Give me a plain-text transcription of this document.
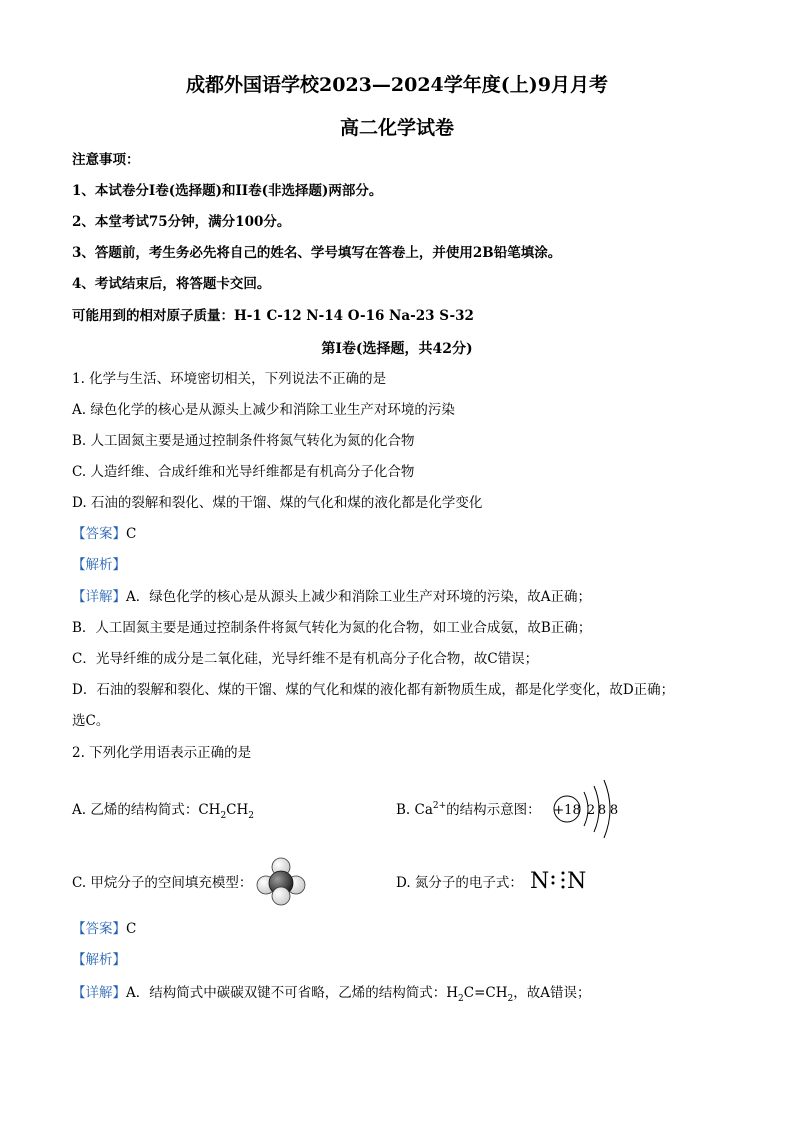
成都外国语学校2023—2024学年度(上)9月月考
高二化学试卷
注意事项：
1、本试卷分I卷(选择题)和II卷(非选择题)两部分。
2、本堂考试75分钟，满分100分。
3、答题前，考生务必先将自己的姓名、学号填写在答卷上，并使用2B铅笔填涂。
4、考试结束后，将答题卡交回。
可能用到的相对原子质量：H-1 C-12 N-14 O-16 Na-23 S-32
第I卷(选择题，共42分)
1. 化学与生活、环境密切相关，下列说法不正确的是
A. 绿色化学的核心是从源头上减少和消除工业生产对环境的污染
B. 人工固氮主要是通过控制条件将氮气转化为氮的化合物
C. 人造纤维、合成纤维和光导纤维都是有机高分子化合物
D. 石油的裂解和裂化、煤的干馏、煤的气化和煤的液化都是化学变化
【答案】C
【解析】
【详解】A．绿色化学的核心是从源头上减少和消除工业生产对环境的污染，故A正确；
B．人工固氮主要是通过控制条件将氮气转化为氮的化合物，如工业合成氨，故B正确；
C．光导纤维的成分是二氧化硅，光导纤维不是有机高分子化合物，故C错误；
D．石油的裂解和裂化、煤的干馏、煤的气化和煤的液化都有新物质生成，都是化学变化，故D正确；
选C。
2. 下列化学用语表示正确的是
A. 乙烯的结构简式：$CH_2CH_2$	B. $Ca^{2+}$的结构示意图： +18 2 8 8
C. 甲烷分子的空间填充模型：	D. 氮分子的电子式： N N
【答案】C
【解析】
【详解】A．结构简式中碳碳双键不可省略，乙烯的结构简式：$H_2C=CH_2$，故A错误；
